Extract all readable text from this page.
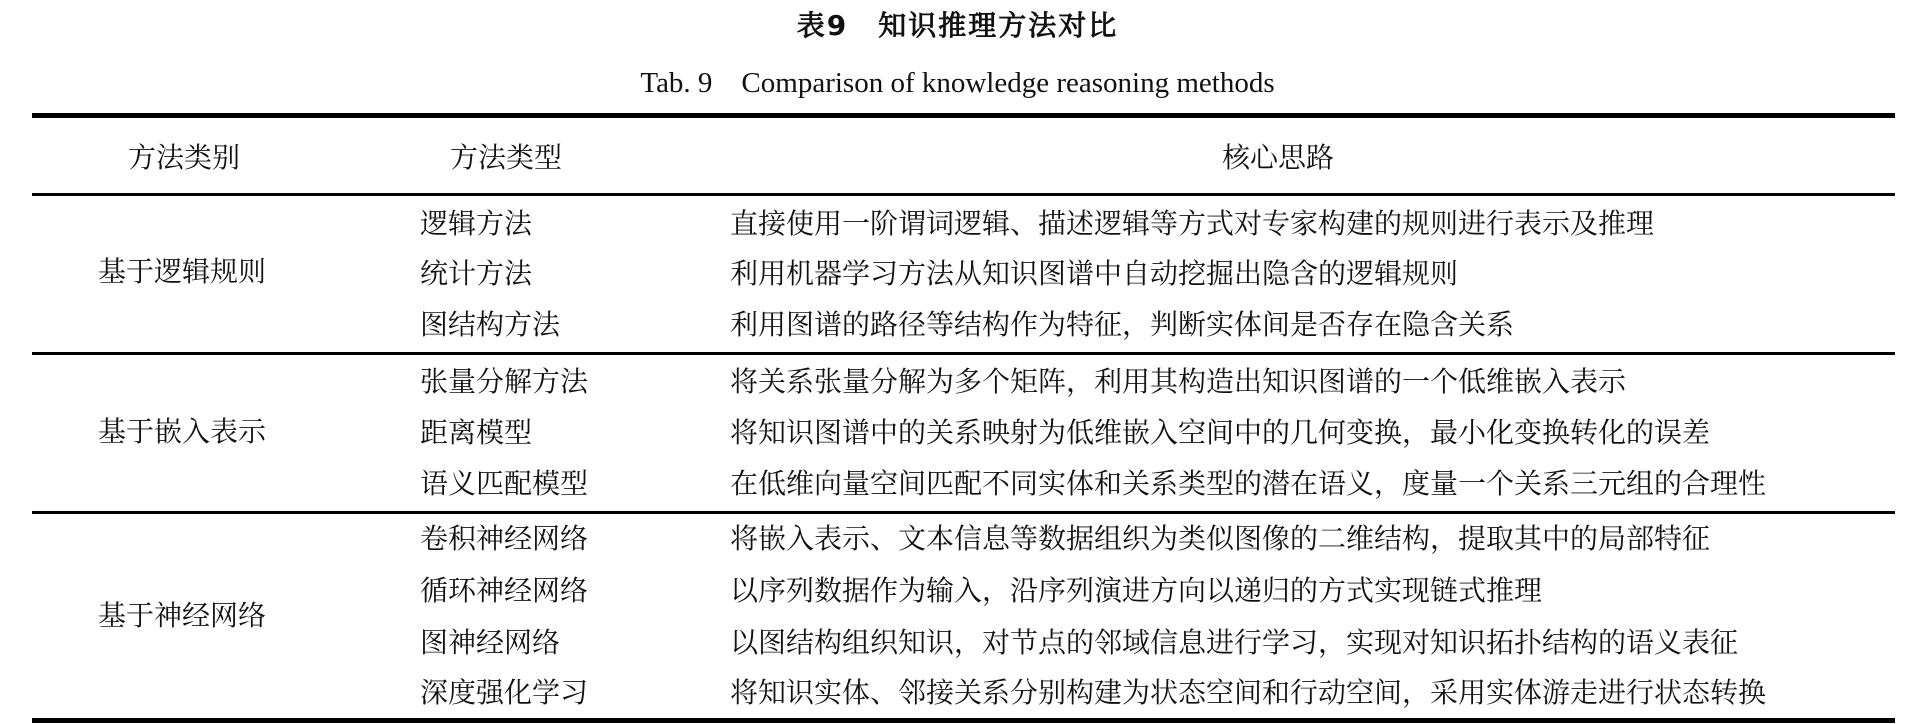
表9　知识推理方法对比
Tab. 9　Comparison of knowledge reasoning methods
方法类别	方法类型	核心思路
基于逻辑规则
逻辑方法	直接使用一阶谓词逻辑、描述逻辑等方式对专家构建的规则进行表示及推理
统计方法	利用机器学习方法从知识图谱中自动挖掘出隐含的逻辑规则
图结构方法	利用图谱的路径等结构作为特征，判断实体间是否存在隐含关系
基于嵌入表示
张量分解方法	将关系张量分解为多个矩阵，利用其构造出知识图谱的一个低维嵌入表示
距离模型	将知识图谱中的关系映射为低维嵌入空间中的几何变换，最小化变换转化的误差
语义匹配模型	在低维向量空间匹配不同实体和关系类型的潜在语义，度量一个关系三元组的合理性
基于神经网络
卷积神经网络	将嵌入表示、文本信息等数据组织为类似图像的二维结构，提取其中的局部特征
循环神经网络	以序列数据作为输入，沿序列演进方向以递归的方式实现链式推理
图神经网络	以图结构组织知识，对节点的邻域信息进行学习，实现对知识拓扑结构的语义表征
深度强化学习	将知识实体、邻接关系分别构建为状态空间和行动空间，采用实体游走进行状态转换
